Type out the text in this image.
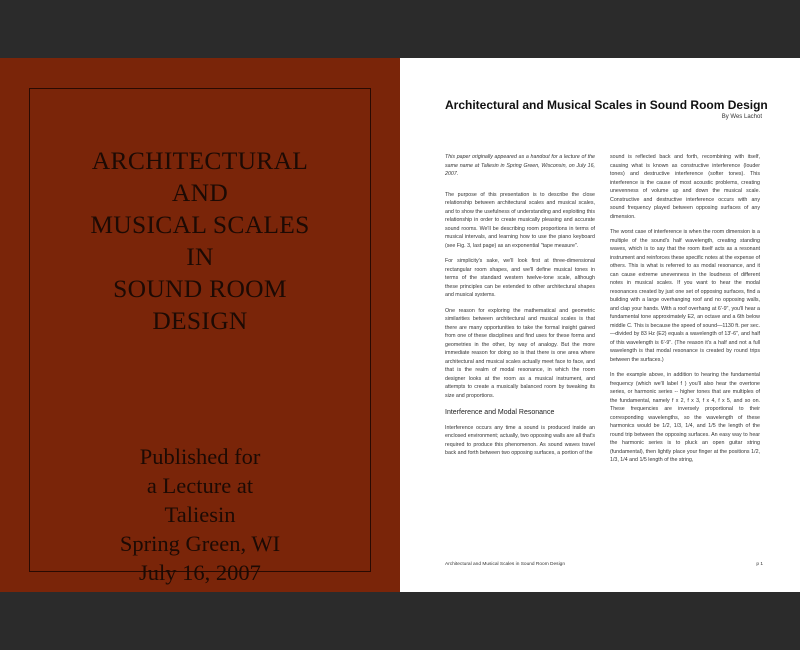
ARCHITECTURAL
AND
MUSICAL SCALES
IN
SOUND ROOM
DESIGN
Published for
a Lecture at
Taliesin
Spring Green, WI
July 16, 2007
Architectural and Musical Scales in Sound Room Design
By Wes Lachot

This paper originally appeared as a handout for a lecture of the same name at Taliesin in Spring Green, Wisconsin, on July 16, 2007.

The purpose of this presentation is to describe the close relationship between architectural scales and musical scales, and to show the usefulness of understanding and exploiting this relationship in order to create musically pleasing and accurate sound rooms. We'll be describing room proportions in terms of musical intervals, and learning how to use the piano keyboard (see Fig. 3, last page) as an exponential "tape measure".

For simplicity's sake, we'll look first at three-dimensional rectangular room shapes, and we'll define musical tones in terms of the standard western twelve-tone scale, although these principles can be extended to other architectural shapes and musical systems.

One reason for exploring the mathematical and geometric similarities between architectural and musical scales is that there are many opportunities to take the formal insight gained from one of these disciplines and find uses for these forms and geometries in the other, by way of analogy. But the more immediate reason for doing so is that there is one area where architectural and musical scales actually meet face to face, and that is the realm of modal resonance, in which the room designer looks at the room as a musical instrument, and attempts to create a musically balanced room by tweaking its size and proportions.

Interference and Modal Resonance

Interference occurs any time a sound is produced inside an enclosed environment; actually, two opposing walls are all that's required to produce this phenomenon. As sound waves travel back and forth between two opposing surfaces, a portion of the

sound is reflected back and forth, recombining with itself, causing what is known as constructive interference (louder tones) and destructive interference (softer tones). This interference is the cause of most acoustic problems, creating unevenness of volume up and down the musical scale. Constructive and destructive interference occurs with any sound frequency played between opposing surfaces of any dimension.

The worst case of interference is when the room dimension is a multiple of the sound's half wavelength, creating standing waves, which is to say that the room itself acts as a resonant instrument and reinforces these specific notes at the expense of others. This is what is referred to as modal resonance, and it can cause extreme unevenness in the loudness of different notes in musical scales. If you want to hear the modal resonances created by just one set of opposing surfaces, find a building with a large overhanging roof and no opposing walls, and clap your hands. With a roof overhang at 6'-9", you'll hear a fundamental tone approximately E2, an octave and a 6th below middle C. This is because the speed of sound—1130 ft. per sec.—divided by 83 Hz (E2) equals a wavelength of 13'-6", and half of this wavelength is 6'-9". (The reason it's a half and not a full wavelength is that modal resonance is created by round trips between the surfaces.)

In the example above, in addition to hearing the fundamental frequency (which we'll label f ) you'll also hear the overtone series, or harmonic series -- higher tones that are multiples of the fundamental, namely f x 2, f x 3, f x 4, f x 5, and so on. These frequencies are inversely proportional to their corresponding wavelengths, so the wavelength of these harmonics would be 1/2, 1/3, 1/4, and 1/5 the length of the round trip between the opposing surfaces. An easy way to hear the harmonic series is to pluck an open guitar string (fundamental), then lightly place your finger at the positions 1/2, 1/3, 1/4 and 1/5 length of the string,

Architectural and Musical Scales in Sound Room Design	p 1
